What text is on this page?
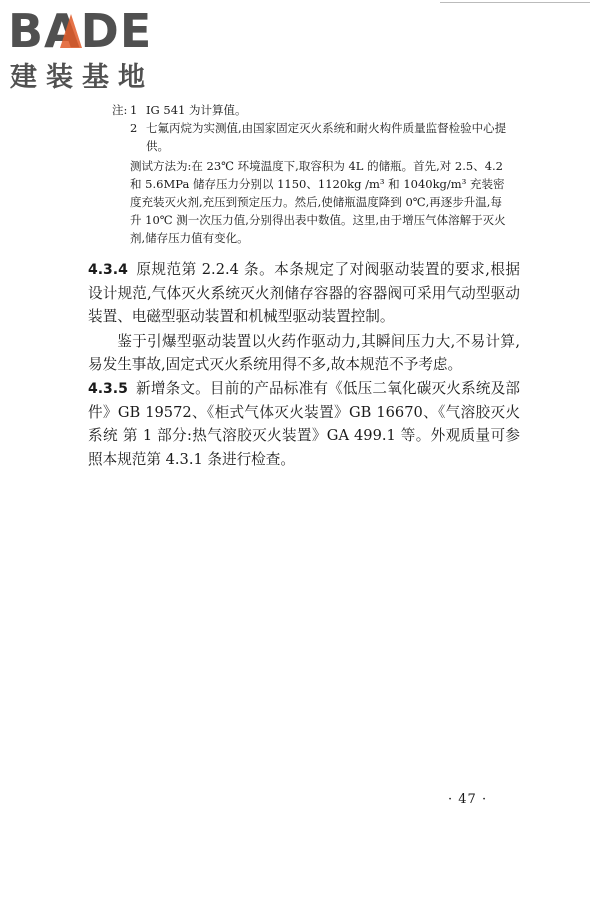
BADE
建装基地
注: 1 IG 541 为计算值。
2 七氟丙烷为实测值,由国家固定灭火系统和耐火构件质量监督检验中心提
供。
测试方法为:在 23℃ 环境温度下,取容积为 4L 的储瓶。首先,对 2.5、4.2 和 5.6MPa 储存压力分别以 1150、1120kg /m³ 和 1040kg/m³ 充装密度充装灭火剂,充压到预定压力。然后,使储瓶温度降到 0℃,再逐步升温,每升 10℃ 测一次压力值,分别得出表中数值。这里,由于增压气体溶解于灭火剂,储存压力值有变化。

4.3.4 原规范第 2.2.4 条。本条规定了对阀驱动装置的要求,根据设计规范,气体灭火系统灭火剂储存容器的容器阀可采用气动型驱动装置、电磁型驱动装置和机械型驱动装置控制。

鉴于引爆型驱动装置以火药作驱动力,其瞬间压力大,不易计算,易发生事故,固定式灭火系统用得不多,故本规范不予考虑。

4.3.5 新增条文。目前的产品标准有《低压二氧化碳灭火系统及部件》GB 19572、《柜式气体灭火装置》GB 16670、《气溶胶灭火系统 第 1 部分:热气溶胶灭火装置》GA 499.1 等。外观质量可参照本规范第 4.3.1 条进行检查。

· 47 ·
